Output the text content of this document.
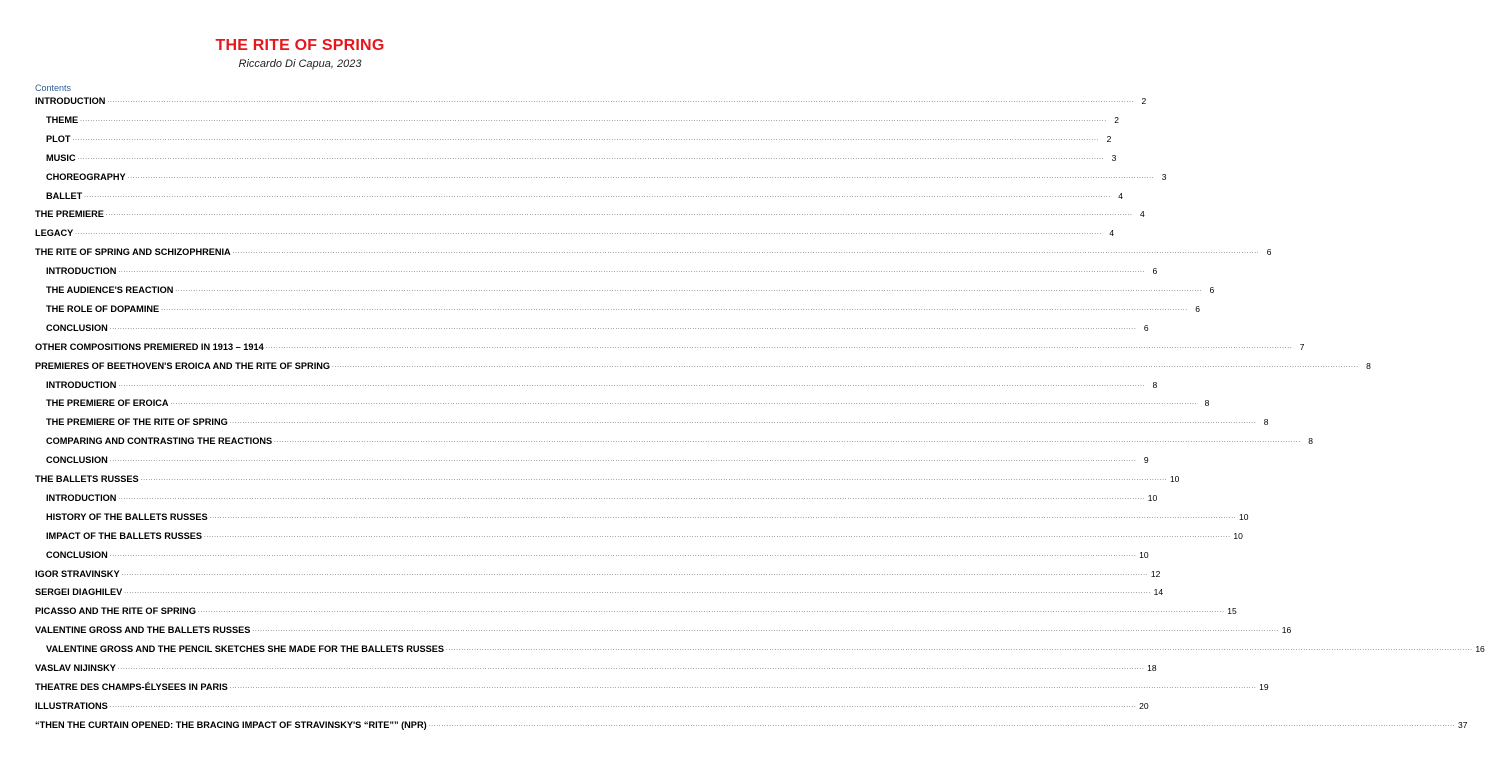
THE RITE OF SPRING
Riccardo Di Capua, 2023
Contents
INTRODUCTION ................................................................................................................................................................................................................................................................................................................................................................................................................ 2
THEME ................................................................................................................................................................................................................................................................................................................................................................................................................ 2
PLOT ................................................................................................................................................................................................................................................................................................................................................................................................................ 2
MUSIC ................................................................................................................................................................................................................................................................................................................................................................................................................ 3
CHOREOGRAPHY ................................................................................................................................................................................................................................................................................................................................................................................................................ 3
BALLET ................................................................................................................................................................................................................................................................................................................................................................................................................ 4
THE PREMIERE ................................................................................................................................................................................................................................................................................................................................................................................................................ 4
LEGACY ................................................................................................................................................................................................................................................................................................................................................................................................................ 4
THE RITE OF SPRING AND SCHIZOPHRENIA ................................................................................................................................................................................................................................................................................................................................................................................................................ 6
INTRODUCTION ................................................................................................................................................................................................................................................................................................................................................................................................................ 6
THE AUDIENCE'S REACTION ................................................................................................................................................................................................................................................................................................................................................................................................................ 6
THE ROLE OF DOPAMINE ................................................................................................................................................................................................................................................................................................................................................................................................................ 6
CONCLUSION ................................................................................................................................................................................................................................................................................................................................................................................................................ 6
OTHER COMPOSITIONS PREMIERED IN 1913 – 1914 ................................................................................................................................................................................................................................................................................................................................................................................................................ 7
PREMIERES OF BEETHOVEN'S EROICA AND THE RITE OF SPRING ................................................................................................................................................................................................................................................................................................................................................................................................................ 8
INTRODUCTION ................................................................................................................................................................................................................................................................................................................................................................................................................ 8
THE PREMIERE OF EROICA ................................................................................................................................................................................................................................................................................................................................................................................................................ 8
THE PREMIERE OF THE RITE OF SPRING ................................................................................................................................................................................................................................................................................................................................................................................................................ 8
COMPARING AND CONTRASTING THE REACTIONS ................................................................................................................................................................................................................................................................................................................................................................................................................ 8
CONCLUSION ................................................................................................................................................................................................................................................................................................................................................................................................................ 9
THE BALLETS RUSSES ................................................................................................................................................................................................................................................................................................................................................................................................................ 10
INTRODUCTION ................................................................................................................................................................................................................................................................................................................................................................................................................ 10
HISTORY OF THE BALLETS RUSSES ................................................................................................................................................................................................................................................................................................................................................................................................................ 10
IMPACT OF THE BALLETS RUSSES ................................................................................................................................................................................................................................................................................................................................................................................................................ 10
CONCLUSION ................................................................................................................................................................................................................................................................................................................................................................................................................ 10
IGOR STRAVINSKY ................................................................................................................................................................................................................................................................................................................................................................................................................ 12
SERGEI DIAGHILEV ................................................................................................................................................................................................................................................................................................................................................................................................................ 14
PICASSO AND THE RITE OF SPRING ................................................................................................................................................................................................................................................................................................................................................................................................................ 15
VALENTINE GROSS AND THE BALLETS RUSSES ................................................................................................................................................................................................................................................................................................................................................................................................................ 16
VALENTINE GROSS AND THE PENCIL SKETCHES SHE MADE FOR THE BALLETS RUSSES ................................................................................................................................................................................................................................................................................................................................................................................................................ 16
VASLAV NIJINSKY ................................................................................................................................................................................................................................................................................................................................................................................................................ 18
THEATRE DES CHAMPS-ÉLYSEES IN PARIS ................................................................................................................................................................................................................................................................................................................................................................................................................ 19
ILLUSTRATIONS ................................................................................................................................................................................................................................................................................................................................................................................................................ 20
“THEN THE CURTAIN OPENED: THE BRACING IMPACT OF STRAVINSKY'S “RITE”” (NPR) ................................................................................................................................................................................................................................................................................................................................................................................................................ 37
